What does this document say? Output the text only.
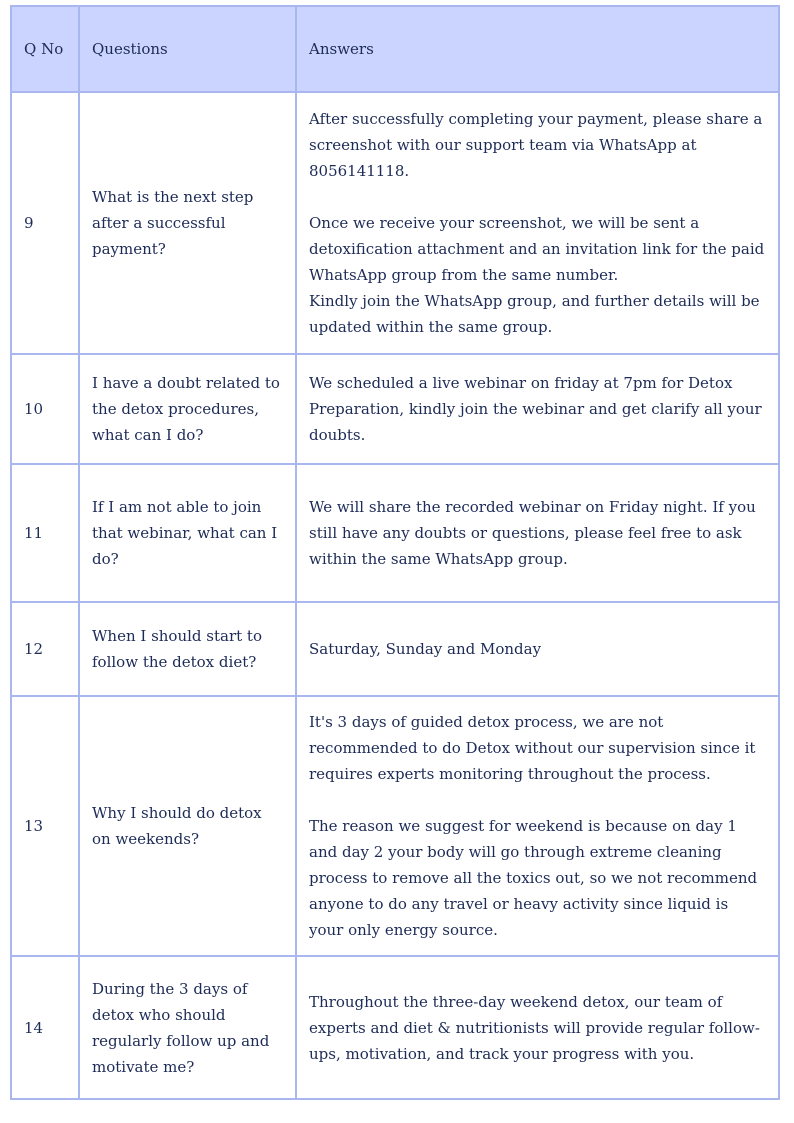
Q No	Questions	Answers
9	What is the next step after a successful payment?	After successfully completing your payment, please share a screenshot with our support team via WhatsApp at 8056141118.
Once we receive your screenshot, we will be sent a detoxification attachment and an invitation link for the paid WhatsApp group from the same number.
Kindly join the WhatsApp group, and further details will be updated within the same group.

10	I have a doubt related to the detox procedures, what can I do?	We scheduled a live webinar on friday at 7pm for Detox Preparation, kindly join the webinar and get clarify all your doubts.

11	If I am not able to join that webinar, what can I do?	We will share the recorded webinar on Friday night. If you still have any doubts or questions, please feel free to ask within the same WhatsApp group.

12	When I should start to follow the detox diet?	Saturday, Sunday and Monday

13	Why I should do detox on weekends?	It's 3 days of guided detox process, we are not recommended to do Detox without our supervision since it requires experts monitoring throughout the process.
The reason we suggest for weekend is because on day 1 and day 2 your body will go through extreme cleaning process to remove all the toxics out, so we not recommend anyone to do any travel or heavy activity since liquid is your only energy source.

14	During the 3 days of detox who should regularly follow up and motivate me?	Throughout the three-day weekend detox, our team of experts and diet & nutritionists will provide regular follow-ups, motivation, and track your progress with you.
